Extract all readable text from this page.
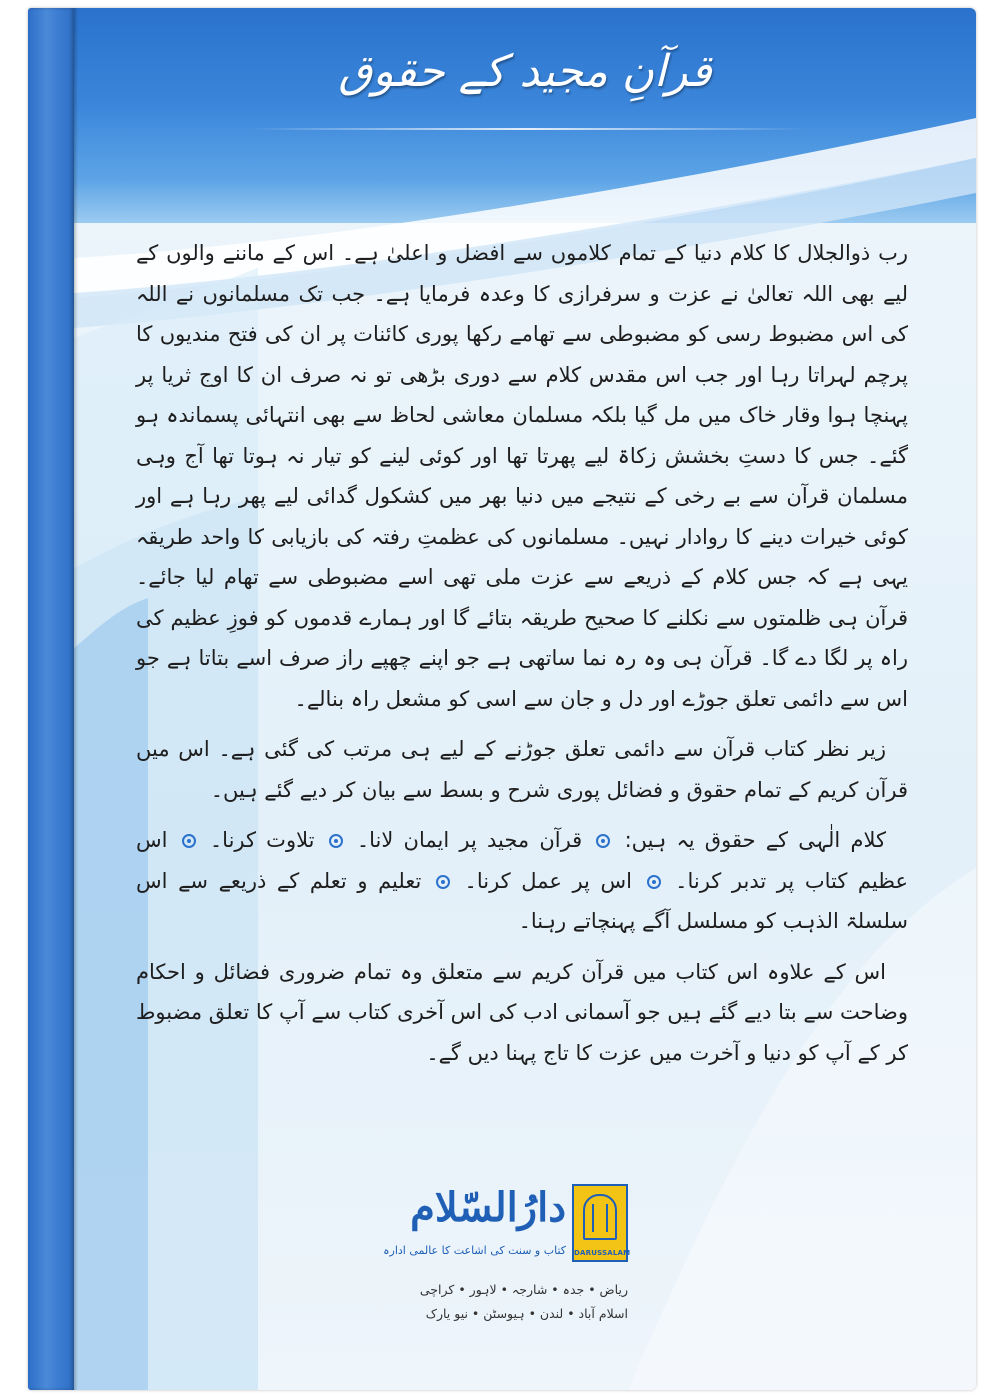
قرآنِ مجید کے حقوق

رب ذوالجلال کا کلام دنیا کے تمام کلاموں سے افضل و اعلیٰ ہے۔ اس کے ماننے والوں کے لیے بھی اللہ تعالیٰ نے عزت و سرفرازی کا وعدہ فرمایا ہے۔ جب تک مسلمانوں نے اللہ کی اس مضبوط رسی کو مضبوطی سے تھامے رکھا پوری کائنات پر ان کی فتح مندیوں کا پرچم لہراتا رہا اور جب اس مقدس کلام سے دوری بڑھی تو نہ صرف ان کا اوج ثریا پر پہنچا ہوا وقار خاک میں مل گیا بلکہ مسلمان معاشی لحاظ سے بھی انتہائی پسماندہ ہو گئے۔ جس کا دستِ بخشش زکاۃ لیے پھرتا تھا اور کوئی لینے کو تیار نہ ہوتا تھا آج وہی مسلمان قرآن سے بے رخی کے نتیجے میں دنیا بھر میں کشکول گدائی لیے پھر رہا ہے اور کوئی خیرات دینے کا روادار نہیں۔ مسلمانوں کی عظمتِ رفتہ کی بازیابی کا واحد طریقہ یہی ہے کہ جس کلام کے ذریعے سے عزت ملی تھی اسے مضبوطی سے تھام لیا جائے۔ قرآن ہی ظلمتوں سے نکلنے کا صحیح طریقہ بتائے گا اور ہمارے قدموں کو فوزِ عظیم کی راہ پر لگا دے گا۔ قرآن ہی وہ رہ نما ساتھی ہے جو اپنے چھپے راز صرف اسے بتاتا ہے جو اس سے دائمی تعلق جوڑے اور دل و جان سے اسی کو مشعل راہ بنالے۔

زیر نظر کتاب قرآن سے دائمی تعلق جوڑنے کے لیے ہی مرتب کی گئی ہے۔ اس میں قرآن کریم کے تمام حقوق و فضائل پوری شرح و بسط سے بیان کر دیے گئے ہیں۔

کلام الٰہی کے حقوق یہ ہیں:  قرآن مجید پر ایمان لانا۔  تلاوت کرنا۔  اس عظیم کتاب پر تدبر کرنا۔  اس پر عمل کرنا۔  تعلیم و تعلم کے ذریعے سے اس سلسلۃ الذہب کو مسلسل آگے پہنچاتے رہنا۔

اس کے علاوہ اس کتاب میں قرآن کریم سے متعلق وہ تمام ضروری فضائل و احکام وضاحت سے بتا دیے گئے ہیں جو آسمانی ادب کی اس آخری کتاب سے آپ کا تعلق مضبوط کر کے آپ کو دنیا و آخرت میں عزت کا تاج پہنا دیں گے۔

DARUSSALAM
دارُالسّلام
کتاب و سنت کی اشاعت کا عالمی ادارہ
ریاض • جدہ • شارجہ • لاہور • کراچی
اسلام آباد • لندن • ہیوسٹن • نیو یارک
